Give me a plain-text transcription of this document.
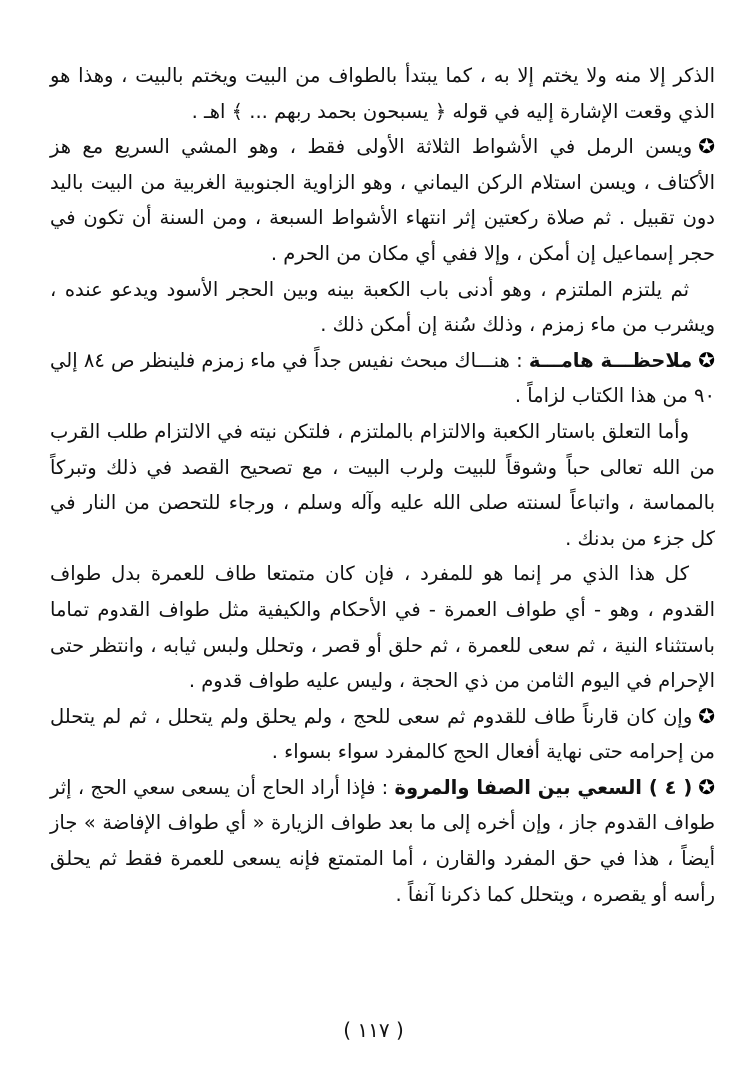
الذكر إلا منه ولا يختم إلا به ، كما يبتدأ بالطواف من البيت ويختم بالبيت ، وهذا هو الذي وقعت الإشارة إليه في قوله ﴿ يسبحون بحمد ربهم ... ﴾ اهـ .

✪ويسن الرمل في الأشواط الثلاثة الأولى فقط ، وهو المشي السريع مع هز الأكتاف ، ويسن استلام الركن اليماني ، وهو الزاوية الجنوبية الغربية من البيت باليد دون تقبيل . ثم صلاة ركعتين إثر انتهاء الأشواط السبعة ، ومن السنة أن تكون في حجر إسماعيل إن أمكن ، وإلا ففي أي مكان من الحرم .

ثم يلتزم الملتزم ، وهو أدنى باب الكعبة بينه وبين الحجر الأسود ويدعو عنده ، ويشرب من ماء زمزم ، وذلك سُنة إن أمكن ذلك .

✪ملاحظـــة هامـــة : هنـــاك مبحث نفيس جداً في ماء زمزم فلينظر ص ٨٤ إلي ٩٠ من هذا الكتاب لزاماً .

وأما التعلق باستار الكعبة والالتزام بالملتزم ، فلتكن نيته في الالتزام طلب القرب من الله تعالى حباً وشوقاً للبيت ولرب البيت ، مع تصحيح القصد في ذلك وتبركاً بالمماسة ، واتباعاً لسنته صلى الله عليه وآله وسلم ، ورجاء للتحصن من النار في كل جزء من بدنك .

كل هذا الذي مر إنما هو للمفرد ، فإن كان متمتعا طاف للعمرة بدل طواف القدوم ، وهو - أي طواف العمرة - في الأحكام والكيفية مثل طواف القدوم تماما باستثناء النية ، ثم سعى للعمرة ، ثم حلق أو قصر ، وتحلل ولبس ثيابه ، وانتظر حتى الإحرام في اليوم الثامن من ذي الحجة ، وليس عليه طواف قدوم .

✪وإن كان قارناً طاف للقدوم ثم سعى للحج ، ولم يحلق ولم يتحلل ، ثم لم يتحلل من إحرامه حتى نهاية أفعال الحج كالمفرد سواء بسواء .

✪( ٤ ) السعي بين الصفا والمروة : فإذا أراد الحاج أن يسعى سعي الحج ، إثر طواف القدوم جاز ، وإن أخره إلى ما بعد طواف الزيارة « أي طواف الإفاضة » جاز أيضاً ، هذا في حق المفرد والقارن ، أما المتمتع فإنه يسعى للعمرة فقط ثم يحلق رأسه أو يقصره ، ويتحلل كما ذكرنا آنفاً .

( ١١٧ )
